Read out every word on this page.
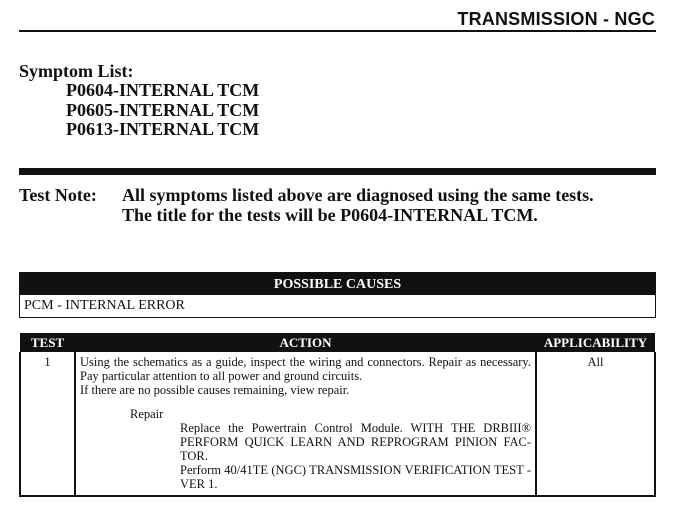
TRANSMISSION - NGC
Symptom List:
P0604-INTERNAL TCM
P0605-INTERNAL TCM
P0613-INTERNAL TCM
Test Note: All symptoms listed above are diagnosed using the same tests.
The title for the tests will be P0604-INTERNAL TCM.
POSSIBLE CAUSES
PCM - INTERNAL ERROR
TEST	ACTION	APPLICABILITY
1	Using the schematics as a guide, inspect the wiring and connectors. Repair as necessary. Pay particular attention to all power and ground circuits.
If there are no possible causes remaining, view repair.
Repair
Replace the Powertrain Control Module. WITH THE DRBIII® PERFORM QUICK LEARN AND REPROGRAM PINION FAC-TOR.
Perform 40/41TE (NGC) TRANSMISSION VERIFICATION TEST - VER 1.	All
